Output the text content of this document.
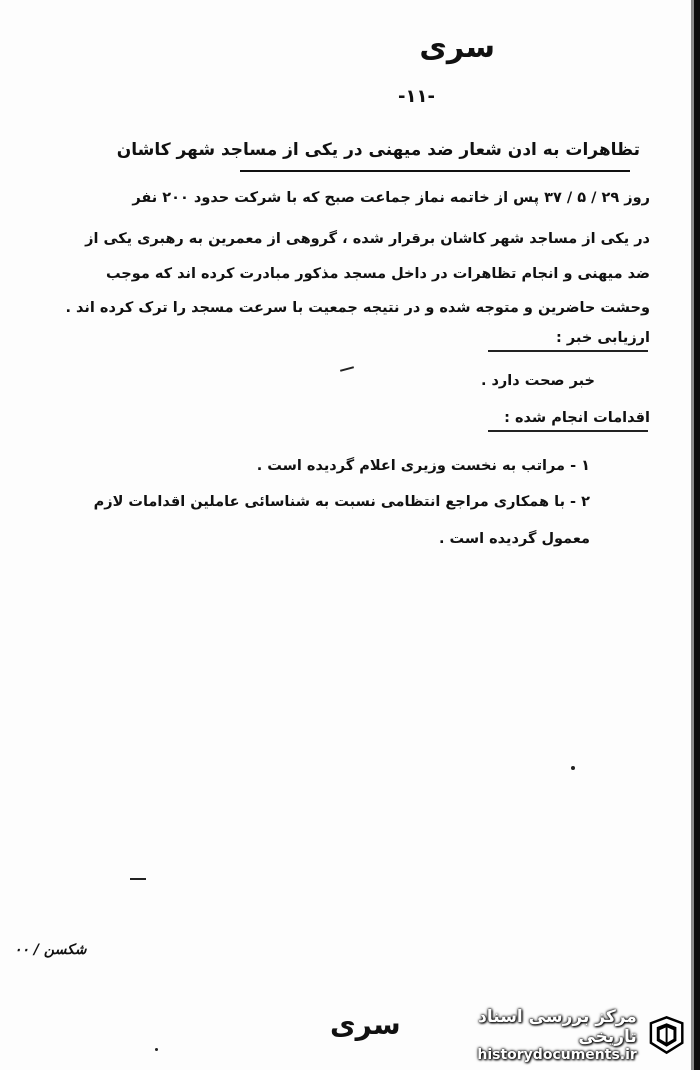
سری
-۱۱-
تظاهرات به ادن شعار ضد میهنی در یکی از مساجد شهر کاشان
روز ۲۹ / ۵ / ۳۷ پس از خاتمه نماز جماعت صبح که با شرکت حدود ۲۰۰ نفر
در یکی از مساجد شهر کاشان برقرار شده ، گروهی از معمرین به رهبری یکی از
ضد میهنی و انجام تظاهرات در داخل مسجد مذکور مبادرت کرده اند که موجب
وحشت حاضرین و متوجه شده و در نتیجه جمعیت با سرعت مسجد را ترک کرده اند .
ارزیابی خبر :
خبر صحت دارد .
اقدامات انجام شده :
۱ - مراتب به نخست وزیری اعلام گردیده است .
۲ - با همکاری مراجع انتظامی نسبت به شناسائی عاملین اقدامات لازم
معمول گردیده است .
شکسن / ۰۰
سری	مرکز بررسی اسناد تاریخی
historydocuments.ir
